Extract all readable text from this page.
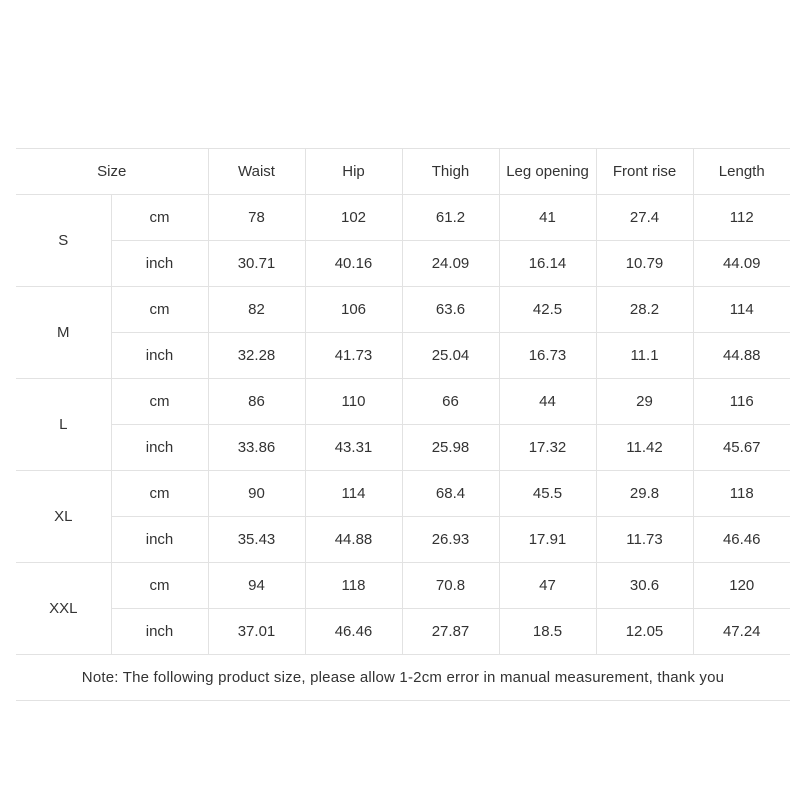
Size		Waist	Hip	Thigh	Leg opening	Front rise	Length
S	cm	78	102	61.2	41	27.4	112
	inch	30.71	40.16	24.09	16.14	10.79	44.09
M	cm	82	106	63.6	42.5	28.2	114
	inch	32.28	41.73	25.04	16.73	11.1	44.88
L	cm	86	110	66	44	29	116
	inch	33.86	43.31	25.98	17.32	11.42	45.67
XL	cm	90	114	68.4	45.5	29.8	118
	inch	35.43	44.88	26.93	17.91	11.73	46.46
XXL	cm	94	118	70.8	47	30.6	120
	inch	37.01	46.46	27.87	18.5	12.05	47.24
Note: The following product size, please allow 1-2cm error in manual measurement, thank you							
